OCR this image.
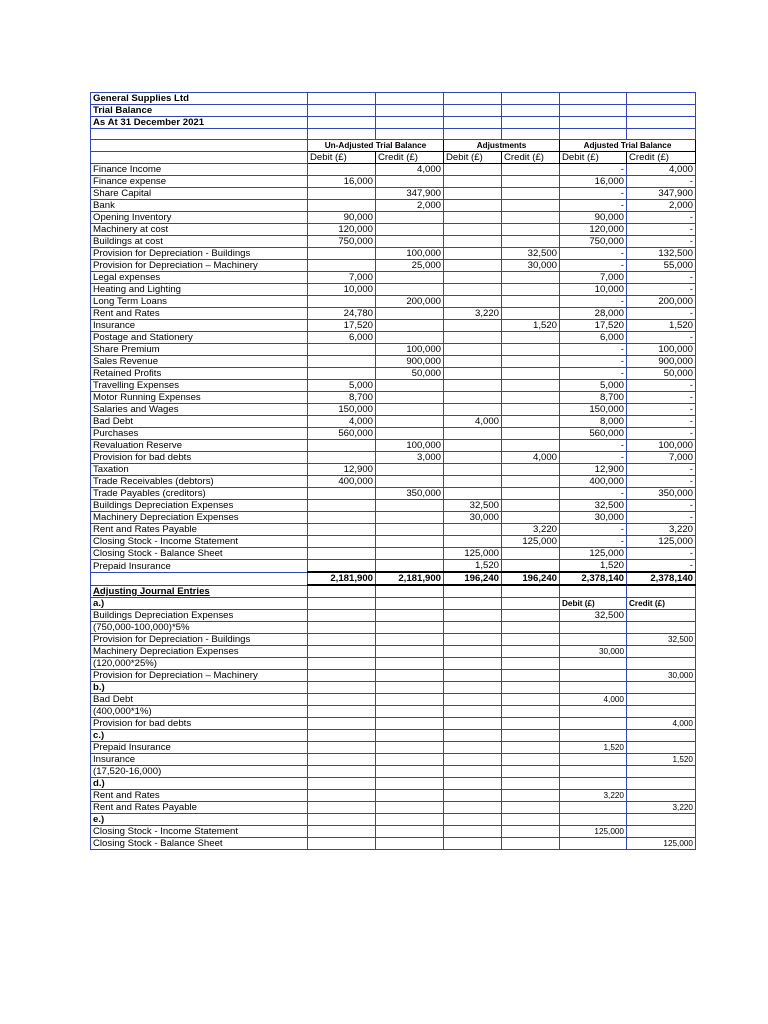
General Supplies Ltd						
Trial Balance						
As At 31 December 2021						

	Un-Adjusted Trial Balance		Adjustments		Adjusted Trial Balance	
	Debit (£)	Credit (£)	Debit (£)	Credit (£)	Debit (£)	Credit (£)
Finance Income		4,000			-	4,000
Finance expense	16,000				16,000	-
Share Capital		347,900			-	347,900
Bank		2,000			-	2,000
Opening Inventory	90,000				90,000	-
Machinery at cost	120,000				120,000	-
Buildings at cost	750,000				750,000	-
Provision for Depreciation - Buildings		100,000		32,500	-	132,500
Provision for Depreciation – Machinery		25,000		30,000	-	55,000
Legal expenses	7,000				7,000	-
Heating and Lighting	10,000				10,000	-
Long Term Loans		200,000			-	200,000
Rent and Rates	24,780		3,220		28,000	-
Insurance	17,520			1,520	17,520	1,520
Postage and Stationery	6,000				6,000	-
Share Premium		100,000			-	100,000
Sales Revenue		900,000			-	900,000
Retained Profits		50,000			-	50,000
Travelling Expenses	5,000				5,000	-
Motor Running Expenses	8,700				8,700	-
Salaries and Wages	150,000				150,000	-
Bad Debt	4,000		4,000		8,000	-
Purchases	560,000				560,000	-
Revaluation Reserve		100,000			-	100,000
Provision for bad debts		3,000		4,000	-	7,000
Taxation	12,900				12,900	-
Trade Receivables (debtors)	400,000				400,000	-
Trade Payables (creditors)		350,000			-	350,000
Buildings Depreciation Expenses			32,500		32,500	-
Machinery Depreciation Expenses			30,000		30,000	-
Rent and Rates Payable				3,220	-	3,220
Closing Stock - Income Statement				125,000	-	125,000
Closing Stock - Balance Sheet			125,000		125,000	-
Prepaid Insurance			1,520		1,520	-
	2,181,900	2,181,900	196,240	196,240	2,378,140	2,378,140
Adjusting Journal Entries						
a.)					Debit (£)	Credit (£)
Buildings Depreciation Expenses					32,500	
(750,000-100,000)*5%						
Provision for Depreciation - Buildings						32,500
Machinery Depreciation Expenses					30,000	
(120,000*25%)						
Provision for Depreciation – Machinery						30,000
b.)						
Bad Debt					4,000	
(400,000*1%)						
Provision for bad debts						4,000
c.)						
Prepaid Insurance					1,520	
Insurance						1,520
(17,520-16,000)						
d.)						
Rent and Rates					3,220	
Rent and Rates Payable						3,220
e.)						
Closing Stock - Income Statement					125,000	
Closing Stock - Balance Sheet						125,000
